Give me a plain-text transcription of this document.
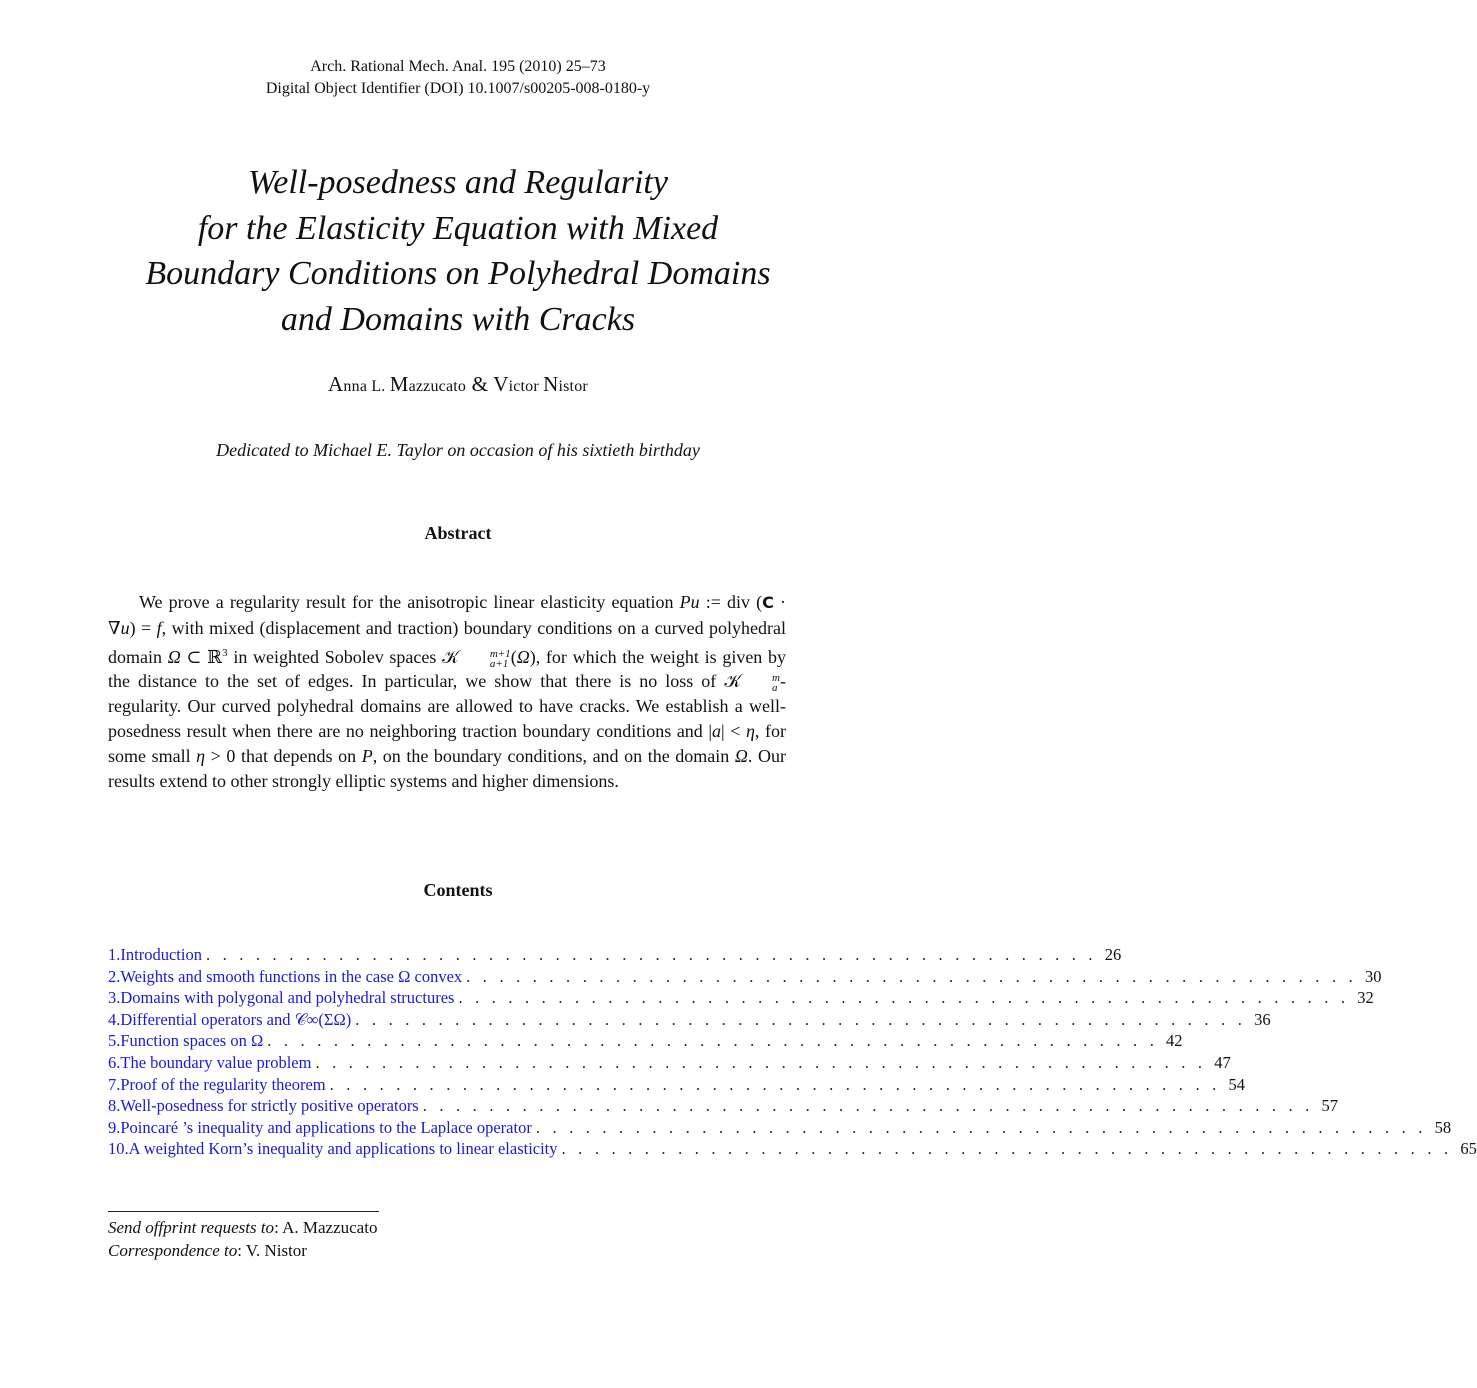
Arch. Rational Mech. Anal. 195 (2010) 25–73
Digital Object Identifier (DOI) 10.1007/s00205-008-0180-y
Well-posedness and Regularity
for the Elasticity Equation with Mixed
Boundary Conditions on Polyhedral Domains
and Domains with Cracks
Anna L. Mazzucato & Victor Nistor
Dedicated to Michael E. Taylor on occasion of his sixtieth birthday
Abstract

We prove a regularity result for the anisotropic linear elasticity equation Pu := div (C · ∇u) = f, with mixed (displacement and traction) boundary conditions on a curved polyhedral domain Ω ⊂ ℝ$^3$ in weighted Sobolev spaces 𝒦	m+1
a+1 (Ω), for which the weight is given by the distance to the set of edges. In particular, we show that there is no loss of 𝒦	m
a -regularity. Our curved polyhedral domains are allowed to have cracks. We establish a well-posedness result when there are no neighboring traction boundary conditions and |a| < η, for some small η > 0 that depends on P, on the boundary conditions, and on the domain Ω. Our results extend to other strongly elliptic systems and higher dimensions.

Contents
1. Introduction . . . . . . . . . . . . . . . . . . . . . . . . . . . . . . . . . . . . . . . . . . . . . . . . . . . . . . 26
2. Weights and smooth functions in the case Ω convex . . . . . . . . . . . . . . . . . . . . . . . . . . . . . . . . . . . . . . . . . . . . . . . . . . . . . . 30
3. Domains with polygonal and polyhedral structures . . . . . . . . . . . . . . . . . . . . . . . . . . . . . . . . . . . . . . . . . . . . . . . . . . . . . . 32
4. Differential operators and 𝒞∞(ΣΩ) . . . . . . . . . . . . . . . . . . . . . . . . . . . . . . . . . . . . . . . . . . . . . . . . . . . . . . 36
5. Function spaces on Ω . . . . . . . . . . . . . . . . . . . . . . . . . . . . . . . . . . . . . . . . . . . . . . . . . . . . . . 42
6. The boundary value problem . . . . . . . . . . . . . . . . . . . . . . . . . . . . . . . . . . . . . . . . . . . . . . . . . . . . . . 47
7. Proof of the regularity theorem . . . . . . . . . . . . . . . . . . . . . . . . . . . . . . . . . . . . . . . . . . . . . . . . . . . . . . 54
8. Well-posedness for strictly positive operators . . . . . . . . . . . . . . . . . . . . . . . . . . . . . . . . . . . . . . . . . . . . . . . . . . . . . . 57
9. Poincaré ’s inequality and applications to the Laplace operator . . . . . . . . . . . . . . . . . . . . . . . . . . . . . . . . . . . . . . . . . . . . . . . . . . . . . . 58
10. A weighted Korn’s inequality and applications to linear elasticity . . . . . . . . . . . . . . . . . . . . . . . . . . . . . . . . . . . . . . . . . . . . . . . . . . . . . . 65
Send offprint requests to: A. Mazzucato
Correspondence to: V. Nistor
